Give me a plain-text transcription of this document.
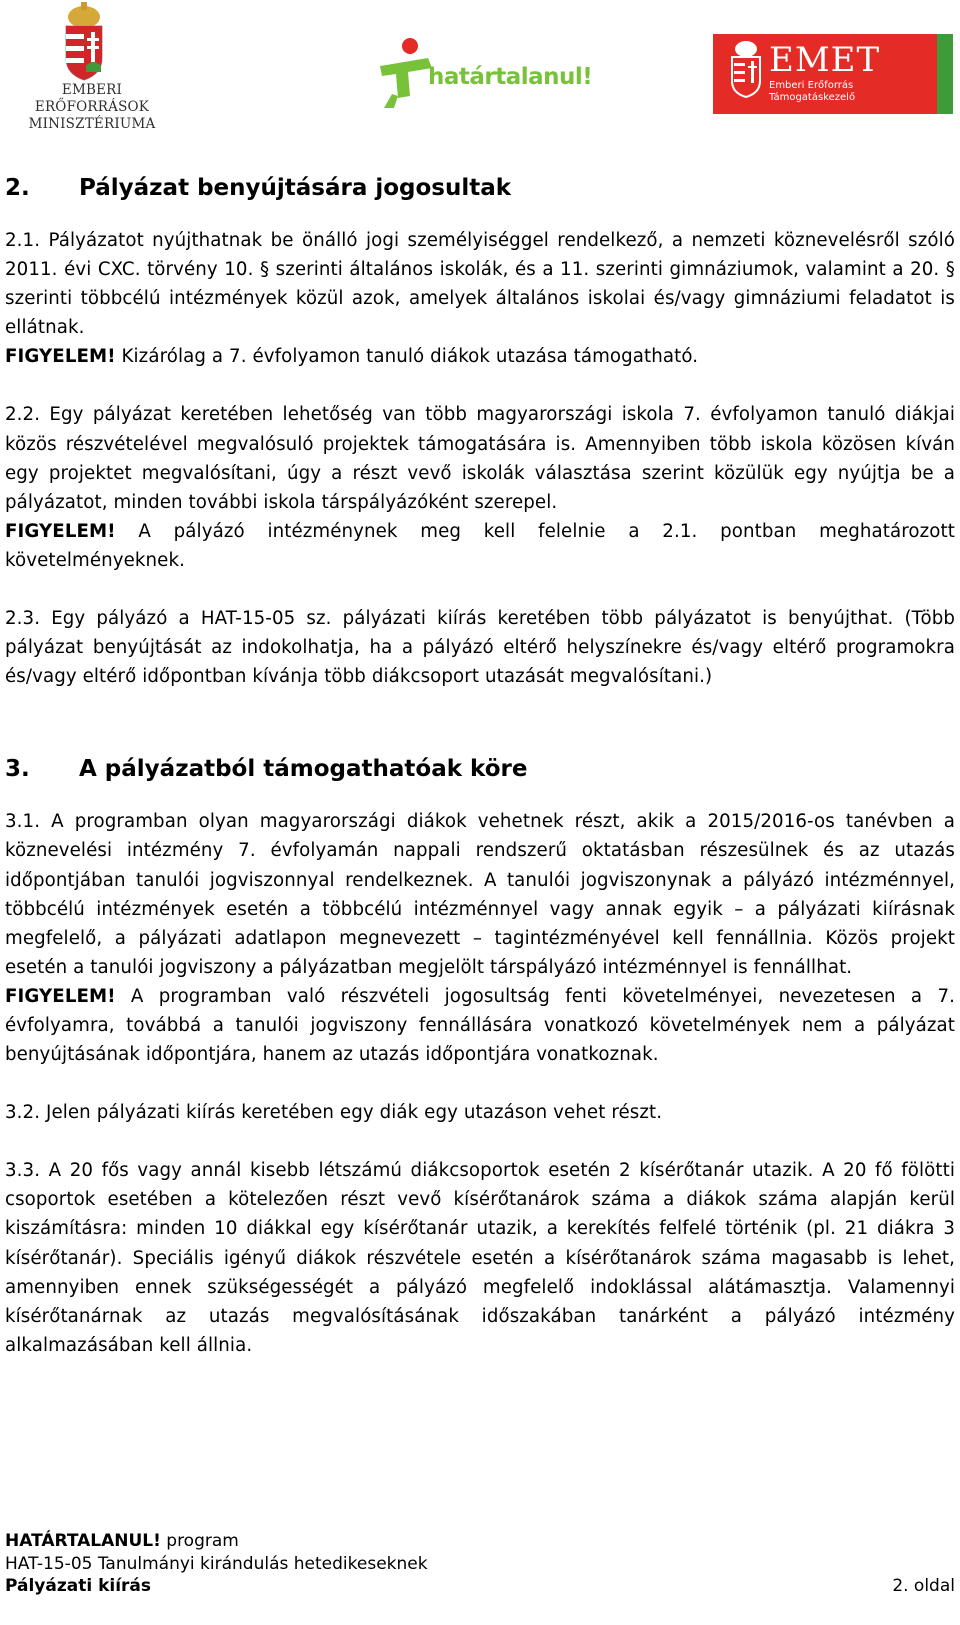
EMBERI ERŐFORRÁSOK
MINISZTÉRIUMA
határtalanul!	EMET
Emberi Erőforrás
Támogatáskezelő
2.	Pályázat benyújtására jogosultak

2.1. Pályázatot nyújthatnak be önálló jogi személyiséggel rendelkező, a nemzeti köznevelésről szóló 2011. évi CXC. törvény 10. § szerinti általános iskolák, és a 11. szerinti gimnáziumok, valamint a 20. § szerinti többcélú intézmények közül azok, amelyek általános iskolai és/vagy gimnáziumi feladatot is ellátnak.

FIGYELEM! Kizárólag a 7. évfolyamon tanuló diákok utazása támogatható.

2.2. Egy pályázat keretében lehetőség van több magyarországi iskola 7. évfolyamon tanuló diákjai közös részvételével megvalósuló projektek támogatására is. Amennyiben több iskola közösen kíván egy projektet megvalósítani, úgy a részt vevő iskolák választása szerint közülük egy nyújtja be a pályázatot, minden további iskola társpályázóként szerepel.

FIGYELEM! A pályázó intézménynek meg kell felelnie a 2.1. pontban meghatározott követelményeknek.

2.3. Egy pályázó a HAT-15-05 sz. pályázati kiírás keretében több pályázatot is benyújthat. (Több pályázat benyújtását az indokolhatja, ha a pályázó eltérő helyszínekre és/vagy eltérő programokra és/vagy eltérő időpontban kívánja több diákcsoport utazását megvalósítani.)

3.	A pályázatból támogathatóak köre

3.1. A programban olyan magyarországi diákok vehetnek részt, akik a 2015/2016-os tanévben a köznevelési intézmény 7. évfolyamán nappali rendszerű oktatásban részesülnek és az utazás időpontjában tanulói jogviszonnyal rendelkeznek. A tanulói jogviszonynak a pályázó intézménnyel, többcélú intézmények esetén a többcélú intézménnyel vagy annak egyik – a pályázati kiírásnak megfelelő, a pályázati adatlapon megnevezett – tagintézményével kell fennállnia. Közös projekt esetén a tanulói jogviszony a pályázatban megjelölt társpályázó intézménnyel is fennállhat.

FIGYELEM! A programban való részvételi jogosultság fenti követelményei, nevezetesen a 7. évfolyamra, továbbá a tanulói jogviszony fennállására vonatkozó követelmények nem a pályázat benyújtásának időpontjára, hanem az utazás időpontjára vonatkoznak.

3.2. Jelen pályázati kiírás keretében egy diák egy utazáson vehet részt.

3.3. A 20 fős vagy annál kisebb létszámú diákcsoportok esetén 2 kísérőtanár utazik. A 20 fő fölötti csoportok esetében a kötelezően részt vevő kísérőtanárok száma a diákok száma alapján kerül kiszámításra: minden 10 diákkal egy kísérőtanár utazik, a kerekítés felfelé történik (pl. 21 diákra 3 kísérőtanár). Speciális igényű diákok részvétele esetén a kísérőtanárok száma magasabb is lehet, amennyiben ennek szükségességét a pályázó megfelelő indoklással alátámasztja. Valamennyi kísérőtanárnak az utazás megvalósításának időszakában tanárként a pályázó intézmény alkalmazásában kell állnia.

HATÁRTALANUL! program
HAT-15-05 Tanulmányi kirándulás hetedikeseknek
Pályázati kiírás	2. oldal
